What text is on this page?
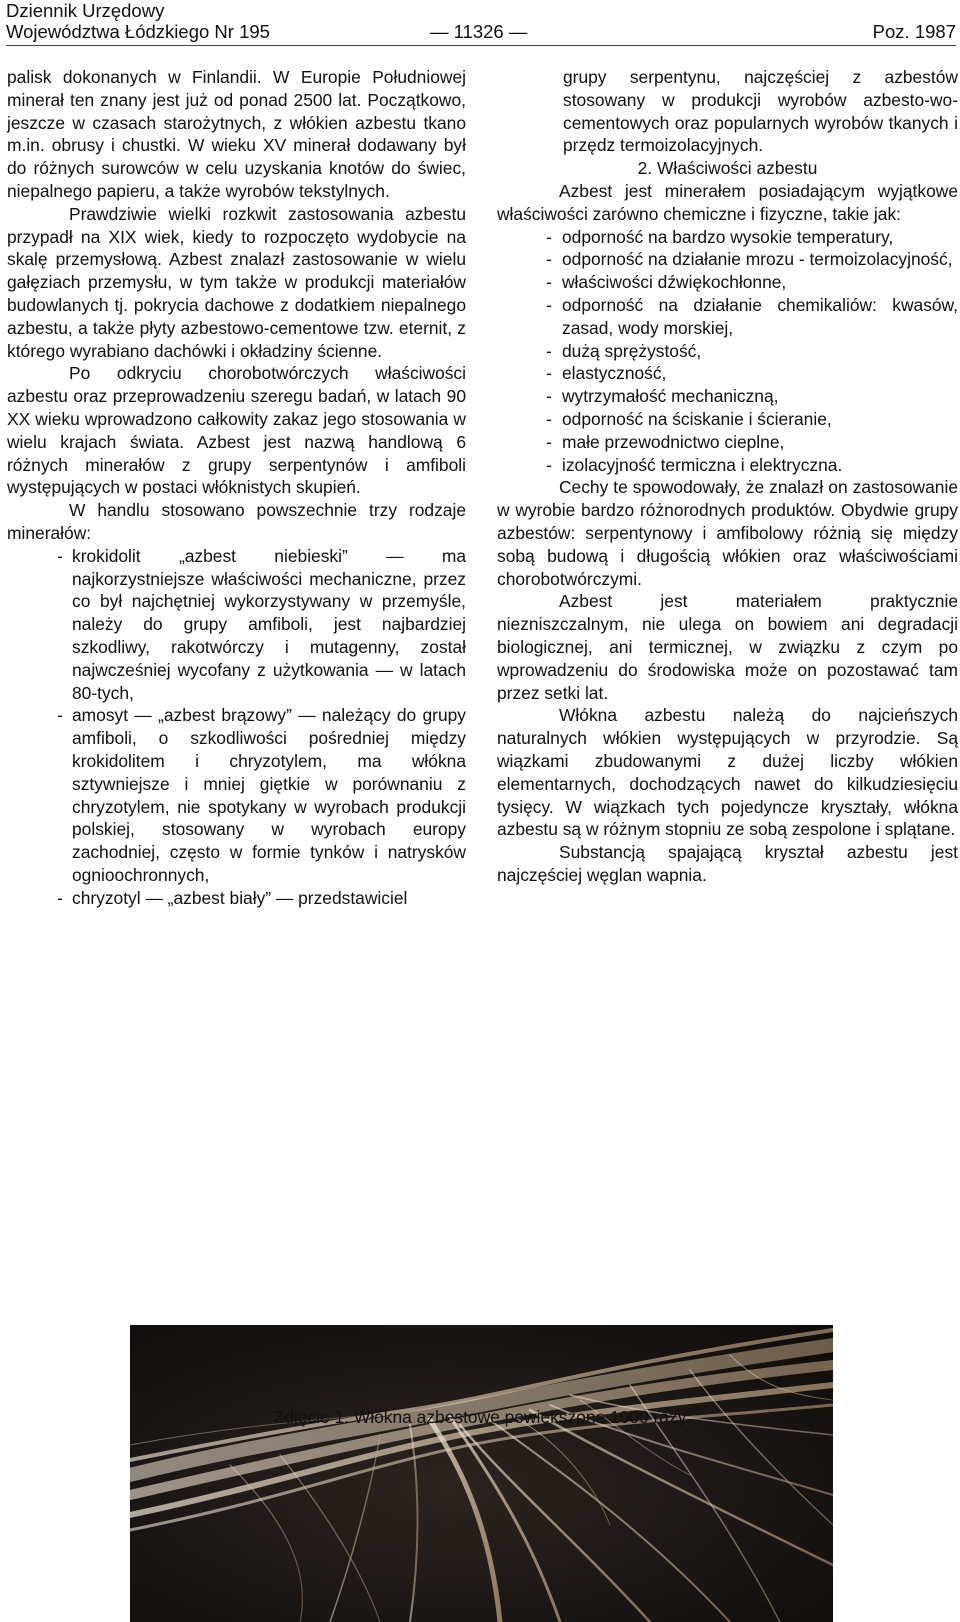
Dziennik Urzędowy
Województwa Łódzkiego Nr 195	— 11326 —	Poz. 1987

palisk dokonanych w Finlandii. W Europie Południowej minerał ten znany jest już od ponad 2500 lat. Początkowo, jeszcze w czasach starożytnych, z włókien azbestu tkano m.in. obrusy i chustki. W wieku XV minerał dodawany był do różnych surowców w celu uzyskania knotów do świec, niepalnego papieru, a także wyrobów tekstylnych.

Prawdziwie wielki rozkwit zastosowania azbestu przypadł na XIX wiek, kiedy to rozpoczęto wydobycie na skalę przemysłową. Azbest znalazł zastosowanie w wielu gałęziach przemysłu, w tym także w produkcji materiałów budowlanych tj. pokrycia dachowe z dodatkiem niepalnego azbestu, a także płyty azbestowo-cementowe tzw. eternit, z którego wyrabiano dachówki i okładziny ścienne.

Po odkryciu chorobotwórczych właściwości azbestu oraz przeprowadzeniu szeregu badań, w latach 90 XX wieku wprowadzono całkowity zakaz jego stosowania w wielu krajach świata. Azbest jest nazwą handlową 6 różnych minerałów z grupy serpentynów i amfiboli występujących w postaci włóknistych skupień.

W handlu stosowano powszechnie trzy rodzaje minerałów:

- krokidolit „azbest niebieski” — ma najkorzystniejsze właściwości mechaniczne, przez co był najchętniej wykorzystywany w przemyśle, należy do grupy amfiboli, jest najbardziej szkodliwy, rakotwórczy i mutagenny, został najwcześniej wycofany z użytkowania — w latach 80-tych,
- amosyt — „azbest brązowy” — należący do grupy amfiboli, o szkodliwości pośredniej między krokidolitem i chryzotylem, ma włókna sztywniejsze i mniej giętkie w porównaniu z chryzotylem, nie spotykany w wyrobach produkcji polskiej, stosowany w wyrobach europy zachodniej, często w formie tynków i natrysków ognioochronnych,
- chryzotyl — „azbest biały” — przedstawiciel

grupy serpentynu, najczęściej z azbestów stosowany w produkcji wyrobów azbesto-wo-cementowych oraz popularnych wyrobów tkanych i przędz termoizolacyjnych.

2. Właściwości azbestu

Azbest jest minerałem posiadającym wyjątkowe właściwości zarówno chemiczne i fizyczne, takie jak:

- odporność na bardzo wysokie temperatury,
- odporność na działanie mrozu - termoizolacyjność,
- właściwości dźwiękochłonne,
- odporność na działanie chemikaliów: kwasów, zasad, wody morskiej,
- dużą sprężystość,
- elastyczność,
- wytrzymałość mechaniczną,
- odporność na ściskanie i ścieranie,
- małe przewodnictwo cieplne,
- izolacyjność termiczna i elektryczna.

Cechy te spowodowały, że znalazł on zastosowanie w wyrobie bardzo różnorodnych produktów. Obydwie grupy azbestów: serpentynowy i amfibolowy różnią się między sobą budową i długością włókien oraz właściwościami chorobotwórczymi.

Azbest jest materiałem praktycznie niezniszczalnym, nie ulega on bowiem ani degradacji biologicznej, ani termicznej, w związku z czym po wprowadzeniu do środowiska może on pozostawać tam przez setki lat.

Włókna azbestu należą do najcieńszych naturalnych włókien występujących w przyrodzie. Są wiązkami zbudowanymi z dużej liczby włókien elementarnych, dochodzących nawet do kilkudziesięciu tysięcy. W wiązkach tych pojedyncze kryształy, włókna azbestu są w różnym stopniu ze sobą zespolone i splątane.

Substancją spajającą kryształ azbestu jest najczęściej węglan wapnia.

Zdjęcie 1. Włókna azbestowe powiększone 1000 razy
